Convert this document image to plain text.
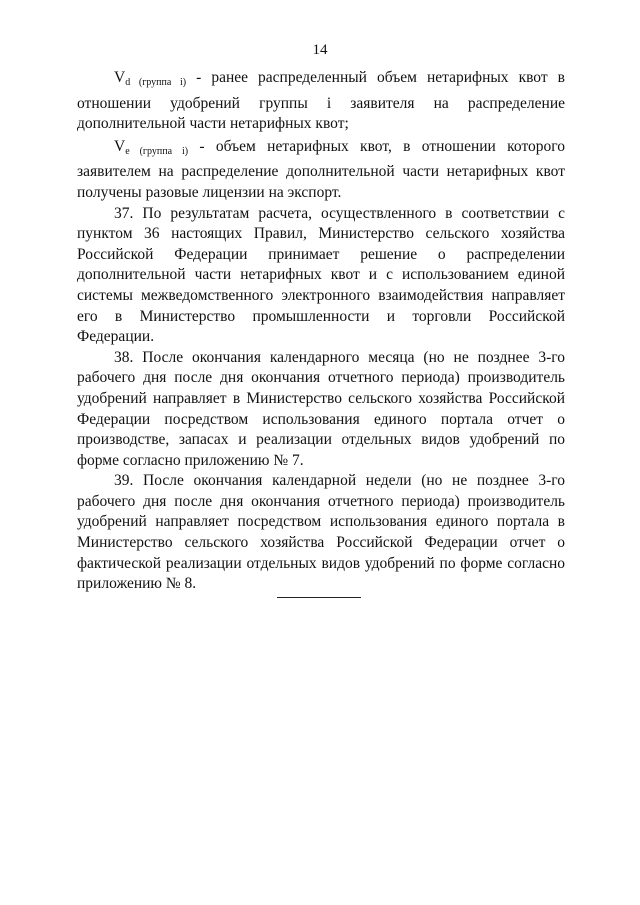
14

$V_{d (группа i)}$ - ранее распределенный объем нетарифных квот в отношении удобрений группы i заявителя на распределение дополнительной части нетарифных квот;

$V_{e (группа i)}$ - объем нетарифных квот, в отношении которого заявителем на распределение дополнительной части нетарифных квот получены разовые лицензии на экспорт.

37. По результатам расчета, осуществленного в соответствии с пунктом 36 настоящих Правил, Министерство сельского хозяйства Российской Федерации принимает решение о распределении дополнительной части нетарифных квот и с использованием единой системы межведомственного электронного взаимодействия направляет его в Министерство промышленности и торговли Российской Федерации.

38. После окончания календарного месяца (но не позднее 3-го рабочего дня после дня окончания отчетного периода) производитель удобрений направляет в Министерство сельского хозяйства Российской Федерации посредством использования единого портала отчет о производстве, запасах и реализации отдельных видов удобрений по форме согласно приложению № 7.

39. После окончания календарной недели (но не позднее 3-го рабочего дня после дня окончания отчетного периода) производитель удобрений направляет посредством использования единого портала в Министерство сельского хозяйства Российской Федерации отчет о фактической реализации отдельных видов удобрений по форме согласно приложению № 8.
